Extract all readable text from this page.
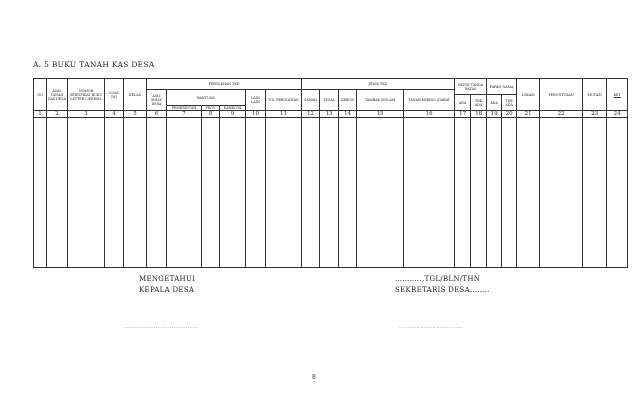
A. 5 BUKU TANAH KAS DESA
NO	ASAL TANAH KAS DESA	NOMOR SERTIFIKAT BUKU LETTER C/PERSIL	LUAS (M)	KELAS	PEROLEHAN TKD						JENIS TKD					PATOK TANDA BATAS		PAPAN NAMA		LOKASI	PERUNTUKAN	MUTASI	KET
					ASLI MILIK DESA	BANTUAN			LAIN LAIN	TGL PEROLEHAN	SAWAH	TEGAL	KEBUN	TAMBAK /KOLAM	TANAH KERING /DARAT								
																ADA	TDK ADA	ADA	TDK ADA				
						PEMERINTAH	PROV	KAB/KOTA															
1	2	3	4	5	6	7	8	9	10	11	12	13	14	15	16	17	18	19	20	21	22	23	24

MENGETAHUI
KEPALA DESA
………..,TGL/BLN/THN
SEKRETARIS DESA……..
……………………………………	………………………………
8
